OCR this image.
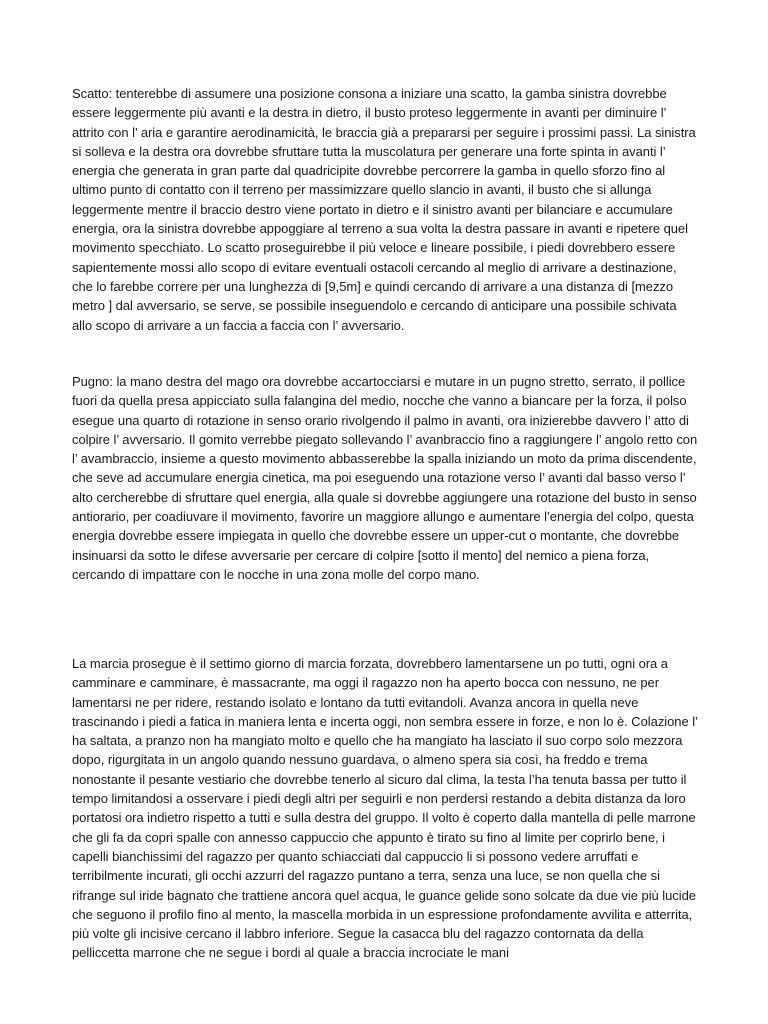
Scatto: tenterebbe di assumere una posizione consona a iniziare una scatto, la gamba sinistra dovrebbe essere leggermente più avanti e la destra in dietro, il busto proteso leggermente in avanti per diminuire l’ attrito con l’ aria e garantire aerodinamicità, le braccia già a prepararsi per seguire i prossimi passi. La sinistra si solleva e la destra ora dovrebbe sfruttare tutta la muscolatura per generare una forte spinta in avanti l’ energia che generata in gran parte dal quadricipite dovrebbe percorrere la gamba in quello sforzo fino al ultimo punto di contatto con il terreno per massimizzare quello slancio in avanti, il busto che si allunga leggermente mentre il braccio destro viene portato in dietro e il sinistro avanti per bilanciare e accumulare energia, ora la sinistra dovrebbe appoggiare al terreno a sua volta la destra passare in avanti e ripetere quel movimento specchiato. Lo scatto proseguirebbe il più veloce e lineare possibile, i piedi dovrebbero essere sapientemente mossi allo scopo di evitare eventuali ostacoli cercando al meglio di arrivare a destinazione, che lo farebbe correre per una lunghezza di [9,5m] e quindi cercando di arrivare a una distanza di [mezzo metro ] dal avversario, se serve, se possibile inseguendolo e cercando di anticipare una possibile schivata allo scopo di arrivare a un faccia a faccia con l’ avversario.

Pugno: la mano destra del mago ora dovrebbe accartocciarsi e mutare in un pugno stretto, serrato, il pollice fuori da quella presa appicciato sulla falangina del medio, nocche che vanno a biancare per la forza, il polso esegue una quarto di rotazione in senso orario rivolgendo il palmo in avanti, ora inizierebbe davvero l’ atto di colpire l’ avversario. Il gomito verrebbe piegato sollevando l’ avanbraccio fino a raggiungere l’ angolo retto con l’ avambraccio, insieme a questo movimento abbasserebbe la spalla iniziando un moto da prima discendente, che seve ad accumulare energia cinetica, ma poi eseguendo una rotazione verso l’ avanti dal basso verso l’ alto cercherebbe di sfruttare quel energia, alla quale si dovrebbe aggiungere una rotazione del busto in senso antiorario, per coadiuvare il movimento, favorire un maggiore allungo e aumentare l’energia del colpo, questa energia dovrebbe essere impiegata in quello che dovrebbe essere un upper-cut o montante, che dovrebbe insinuarsi da sotto le difese avversarie per cercare di colpire [sotto il mento] del nemico a piena forza, cercando di impattare con le nocche in una zona molle del corpo mano.

La marcia prosegue è il settimo giorno di marcia forzata, dovrebbero lamentarsene un po tutti, ogni ora a camminare e camminare, è massacrante, ma oggi il ragazzo non ha aperto bocca con nessuno, ne per lamentarsi ne per ridere, restando isolato e lontano da tutti evitandoli. Avanza ancora in quella neve trascinando i piedi a fatica in maniera lenta e incerta oggi, non sembra essere in forze, e non lo è. Colazione l’ ha saltata, a pranzo non ha mangiato molto e quello che ha mangiato ha lasciato il suo corpo solo mezzora dopo, rigurgitata in un angolo quando nessuno guardava, o almeno spera sia così, ha freddo e trema nonostante il pesante vestiario che dovrebbe tenerlo al sicuro dal clima, la testa l’ha tenuta bassa per tutto il tempo limitandosi a osservare i piedi degli altri per seguirli e non perdersi restando a debita distanza da loro portatosi ora indietro rispetto a tutti e sulla destra del gruppo. Il volto è coperto dalla mantella di pelle marrone che gli fa da copri spalle con annesso cappuccio che appunto è tirato su fino al limite per coprirlo bene, i capelli bianchissimi del ragazzo per quanto schiacciati dal cappuccio li si possono vedere arruffati e terribilmente incurati, gli occhi azzurri del ragazzo puntano a terra, senza una luce, se non quella che si rifrange sul iride bagnato che trattiene ancora quel acqua, le guance gelide sono solcate da due vie più lucide che seguono il profilo fino al mento, la mascella morbida in un espressione profondamente avvilita e atterrita, più volte gli incisive cercano il labbro inferiore. Segue la casacca blu del ragazzo contornata da della pelliccetta marrone che ne segue i bordi al quale a braccia incrociate le mani
